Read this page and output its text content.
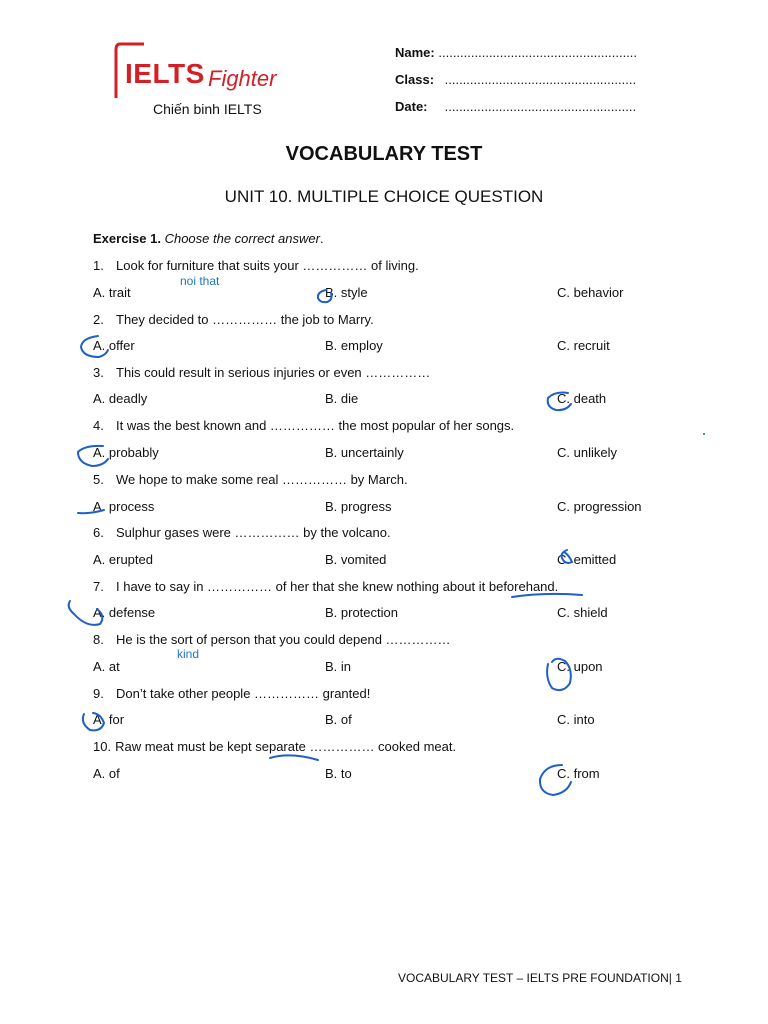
IELTS Fighter
Chiến binh IELTS
Name: .......................................................
Class: .....................................................
Date: .....................................................
VOCABULARY TEST
UNIT 10. MULTIPLE CHOICE QUESTION
Exercise 1. Choose the correct answer.
1. Look for furniture that suits your …………… of living.
A. trait	B. style	C. behavior
2. They decided to …………… the job to Marry.
A. offer	B. employ	C. recruit
3. This could result in serious injuries or even ……………
A. deadly	B. die	C. death
4. It was the best known and …………… the most popular of her songs.
A. probably	B. uncertainly	C. unlikely
5. We hope to make some real …………… by March.
A. process	B. progress	C. progression
6. Sulphur gases were …………… by the volcano.
A. erupted	B. vomited	C. emitted
7. I have to say in …………… of her that she knew nothing about it beforehand.
A. defense	B. protection	C. shield
8. He is the sort of person that you could depend ……………
A. at	B. in	C. upon
9. Don’t take other people …………… granted!
A. for	B. of	C. into
10. Raw meat must be kept separate …………… cooked meat.
A. of	B. to	C. from
noi that
kind
VOCABULARY TEST – IELTS PRE FOUNDATION| 1
